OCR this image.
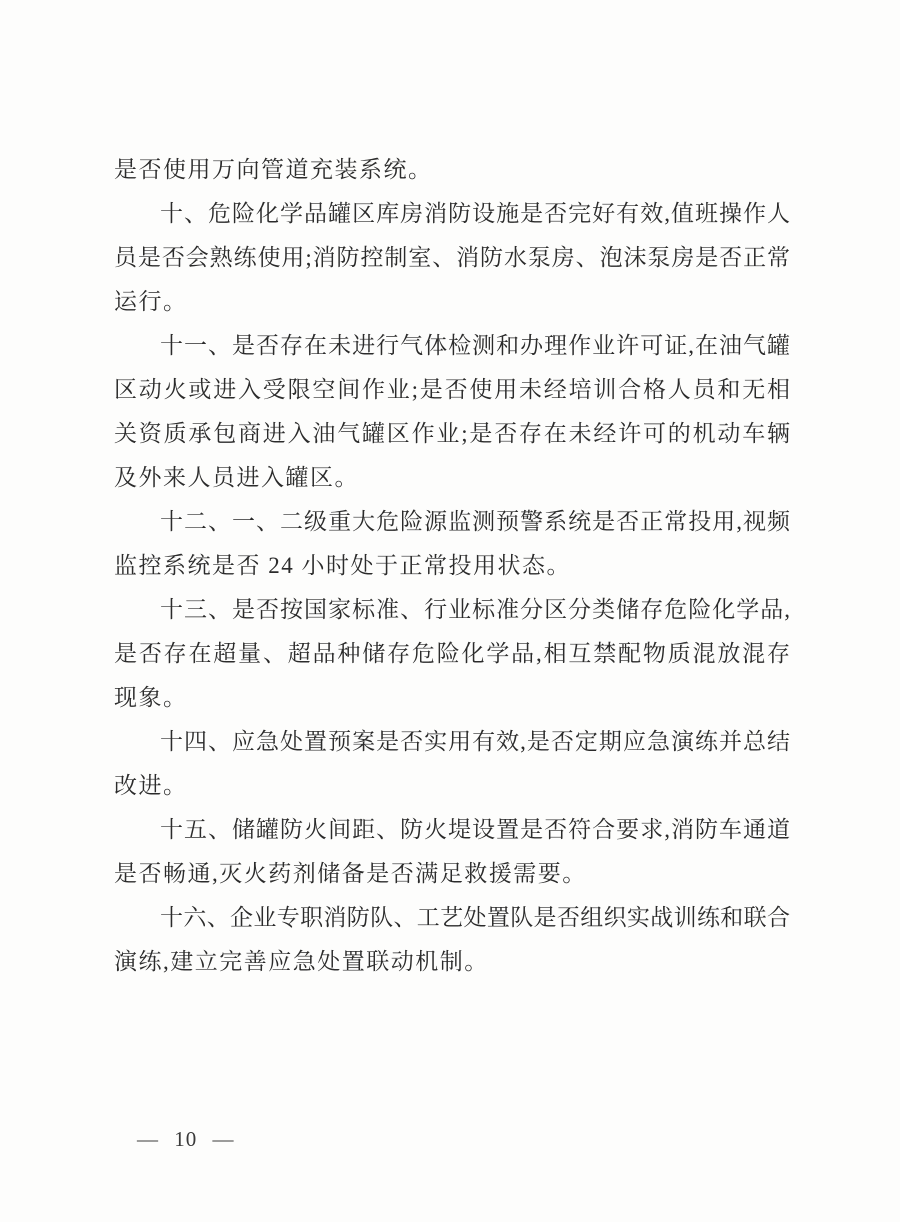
是否使用万向管道充装系统。
十、危险化学品罐区库房消防设施是否完好有效,值班操作人
员是否会熟练使用;消防控制室、消防水泵房、泡沫泵房是否正常
运行。
十一、是否存在未进行气体检测和办理作业许可证,在油气罐
区动火或进入受限空间作业;是否使用未经培训合格人员和无相
关资质承包商进入油气罐区作业;是否存在未经许可的机动车辆
及外来人员进入罐区。
十二、一、二级重大危险源监测预警系统是否正常投用,视频
监控系统是否 24 小时处于正常投用状态。
十三、是否按国家标准、行业标准分区分类储存危险化学品,
是否存在超量、超品种储存危险化学品,相互禁配物质混放混存
现象。
十四、应急处置预案是否实用有效,是否定期应急演练并总结
改进。
十五、储罐防火间距、防火堤设置是否符合要求,消防车通道
是否畅通,灭火药剂储备是否满足救援需要。
十六、企业专职消防队、工艺处置队是否组织实战训练和联合
演练,建立完善应急处置联动机制。
— 10 —
